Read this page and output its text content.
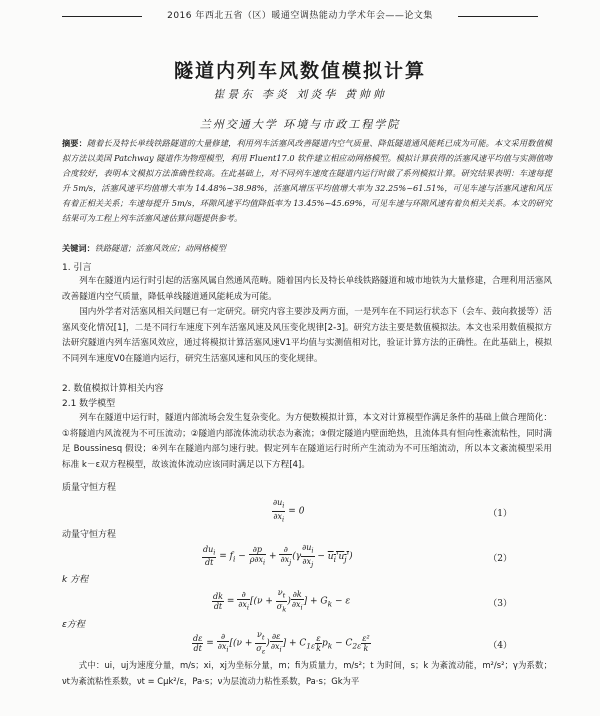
2016 年西北五省（区）暖通空调热能动力学术年会——论文集
隧道内列车风数值模拟计算
崔景东 李炎 刘炎华 黄帅帅
兰州交通大学 环境与市政工程学院
摘要：随着长及特长单线铁路隧道的大量修建，利用列车活塞风改善隧道内空气质量、降低隧道通风能耗已成为可能。本文采用数值模拟方法以美国 Patchway 隧道作为物理模型，利用 Fluent17.0 软件建立相应动网格模型。模拟计算获得的活塞风速平均值与实测值吻合度较好，表明本文模拟方法准确性较高。在此基础上，对不同列车速度在隧道内运行时做了系列模拟计算。研究结果表明：车速每提升 5m/s，活塞风速平均值增大率为 14.48%~38.98%，活塞风增压平均值增大率为 32.25%~61.51%，可见车速与活塞风速和风压有着正相关关系；车速每提升 5m/s，环隙风速平均值降低率为 13.45%~45.69%，可见车速与环隙风速有着负相关关系。本文的研究结果可为工程上列车活塞风速估算问题提供参考。
关键词：铁路隧道；活塞风效应；动网格模型
1. 引言
列车在隧道内运行时引起的活塞风属自然通风范畴。随着国内长及特长单线铁路隧道和城市地铁为大量修建，合理利用活塞风改善隧道内空气质量，降低单线隧道通风能耗成为可能。
国内外学者对活塞风相关问题已有一定研究。研究内容主要涉及两方面，一是列车在不同运行状态下（会车、鼓向救援等）活塞风变化情况[1]，二是不同行车速度下列车活塞风速及风压变化规律[2-3]。研究方法主要是数值模拟法。本文也采用数值模拟方法研究隧道内列车活塞风效应，通过将模拟计算活塞风速V1平均值与实测值相对比，验证计算方法的正确性。在此基础上，模拟不同列车速度V0在隧道内运行，研究生活塞风速和风压的变化规律。
2. 数值模拟计算相关内容
2.1 数学模型
列车在隧道中运行时，隧道内部流场会发生复杂变化。为方便数模拟计算，本文对计算模型作满足条件的基础上做合理简化：①将隧道内风流视为不可压流动；②隧道内部流体流动状态为紊流；③假定隧道内壁面绝热，且流体具有恒向性紊流粘性，同时满足 Boussinesq 假设；④列车在隧道内部匀速行驶。假定列车在隧道运行时所产生流动为不可压缩流动，所以本文紊流模型采用标准 k－ε双方程模型，故该流体流动应该同时满足以下方程[4]。
质量守恒方程
$\frac{\partial u_i}{\partial x_i} = 0$	（1）
动量守恒方程
$\frac{du_i}{dt} = f_i - \frac{\partial p}{\rho\partial x_i} + \frac{\partial}{\partial x_j} (\gamma \frac{\partial u_i}{\partial x_j} - u_i'u_j')$	（2）
k 方程
$\frac{dk}{dt} = \frac{\partial}{\partial x_i} [(\nu + \frac{\nu_t}{\sigma_k}$ ) $\frac{\partial k}{\partial x_i}$ ] + $G_k - \varepsilon$	（3）
ε方程
$\frac{d\varepsilon}{dt} = \frac{\partial}{\partial x_i} [(\nu + \frac{\nu_t}{\sigma_\varepsilon}$ ) $\frac{\partial\varepsilon}{\partial x_i}$ ] + $C_{1\varepsilon} \frac{\varepsilon}{k} p_k - C_{2\varepsilon} \frac{\text{ε²}}{k}$	（4）
式中：ui，uj为速度分量，m/s；xi，xj为坐标分量，m；fi为质量力，m/s²；t 为时间，s；k 为紊流动能，m²/s²；γ为系数；νt为紊流粘性系数，νt = Cμk²/ε，Pa·s；ν为层流动力粘性系数，Pa·s；Gk为平
